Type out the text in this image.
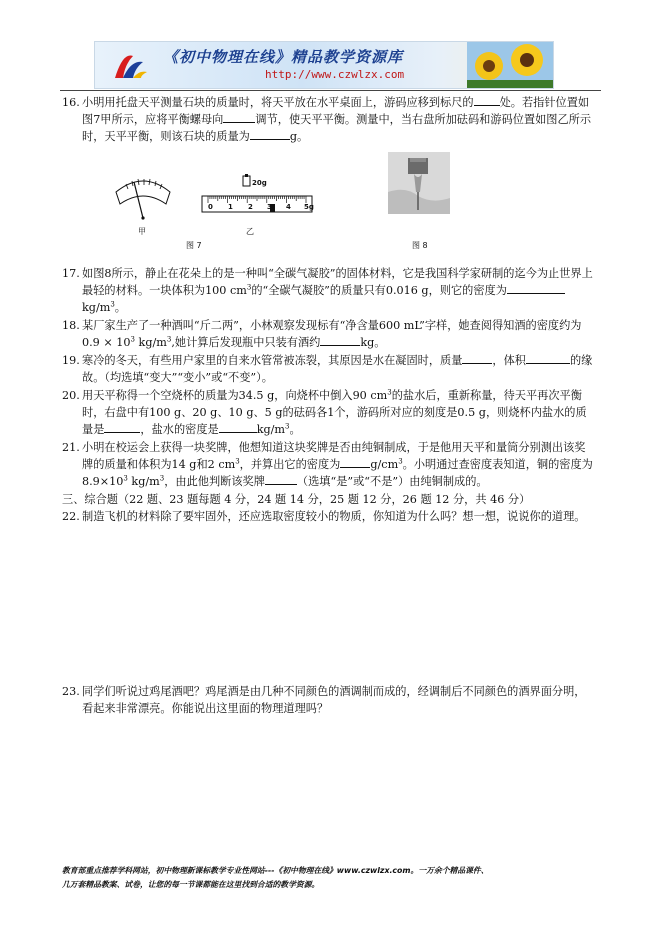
《初中物理在线》精品教学资源库
http://www.czwlzx.com
16. 小明用托盘天平测量石块的质量时，将天平放在水平桌面上，游码应移到标尺的 处。若指针位置如图7甲所示，应将平衡螺母向	调节，使天平平衡。测量中，当右盘所加砝码和游码位置如图乙所示时，天平平衡，则该石块的质量为	g。
甲
20g
0 1 2 3 4 5g
乙
图 7	图 8
17. 如图8所示，静止在花朵上的是一种叫“全碳气凝胶”的固体材料，它是我国科学家研制的迄今为止世界上最轻的材料。一块体积为100 $cm^3$的“全碳气凝胶”的质量只有0.016 g，则它的密度为$kg/m^3$。
18. 某厂家生产了一种酒叫“斤二两”，小林观察发现标有“净含量600 mL”字样，她查阅得知酒的密度约为$0.9 \times 10^3$ $kg/m^3$,她计算后发现瓶中只装有酒约	kg。
19. 寒冷的冬天，有些用户家里的自来水管常被冻裂，其原因是水在凝固时，质量	，体积	的缘故。（均选填“变大”“变小”或“不变”）。
20. 用天平称得一个空烧杯的质量为34.5 g，向烧杯中倒入90 $cm^3$的盐水后，重新称量，待天平再次平衡时，右盘中有100 g、20 g、10 g、5 g的砝码各1个，游码所对应的刻度是0.5 g，则烧杯内盐水的质量是	，盐水的密度是	$kg/m^3$。
21. 小明在校运会上获得一块奖牌，他想知道这块奖牌是否由纯铜制成，于是他用天平和量筒分别测出该奖牌的质量和体积为14 g和2 $cm^3$，并算出它的密度为	$g/cm^3$。小明通过查密度表知道，铜的密度为$8.9\times 10^3$ $kg/m^3$，由此他判断该奖牌	（选填“是”或“不是”）由纯铜制成的。
三、综合题（22 题、23 题每题 4 分，24 题 14 分，25 题 12 分，26 题 12 分，共 46 分）
22. 制造飞机的材料除了要牢固外，还应选取密度较小的物质，你知道为什么吗？想一想，说说你的道理。
23. 同学们听说过鸡尾酒吧？鸡尾酒是由几种不同颜色的酒调制而成的，经调制后不同颜色的酒界面分明，看起来非常漂亮。你能说出这里面的物理道理吗？
教育部重点推荐学科网站，初中物理新课标教学专业性网站---《初中物理在线》www.czwlzx.com。一万余个精品课件、
几万套精品教案、试卷，让您的每一节课都能在这里找到合适的教学资源。
